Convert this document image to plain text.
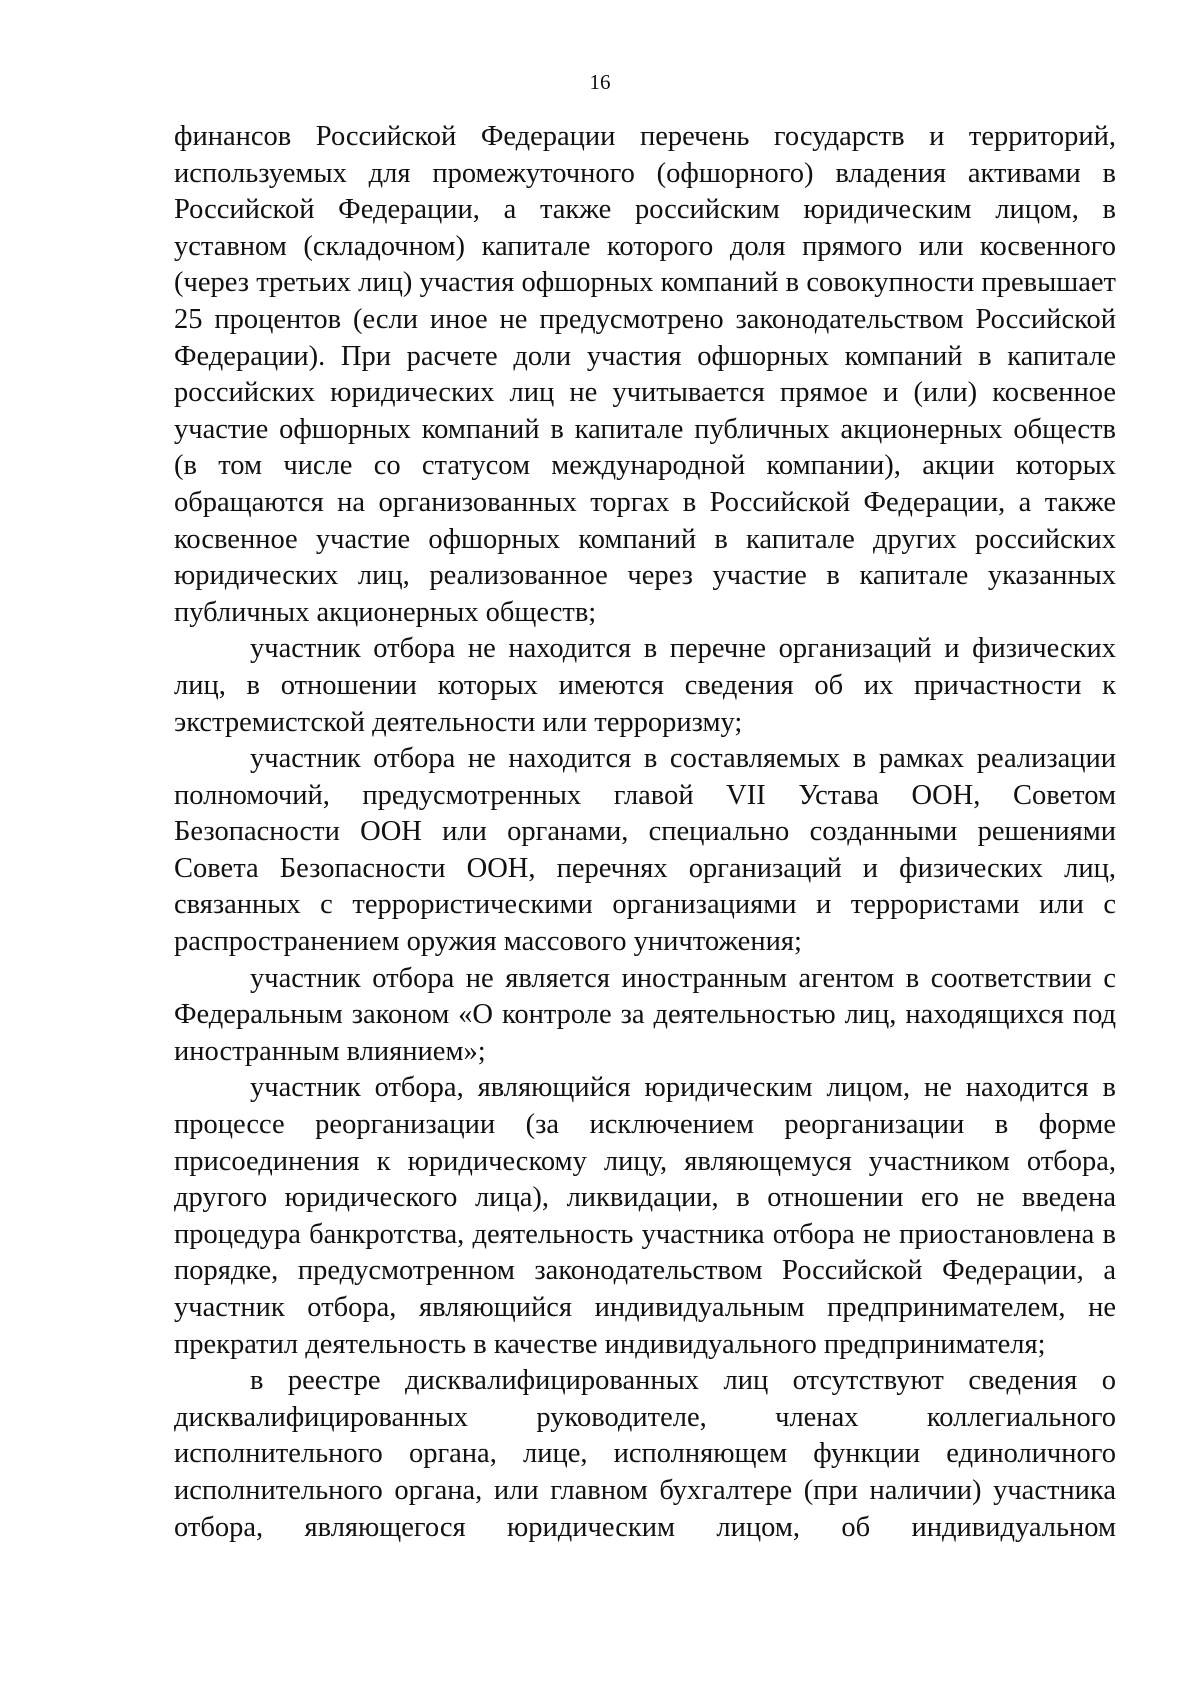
16

финансов Российской Федерации перечень государств и территорий, используемых для промежуточного (офшорного) владения активами в Российской Федерации, а также российским юридическим лицом, в уставном (складочном) капитале которого доля прямого или косвенного (через третьих лиц) участия офшорных компаний в совокупности превышает 25 процентов (если иное не предусмотрено законодательством Российской Федерации). При расчете доли участия офшорных компаний в капитале российских юридических лиц не учитывается прямое и (или) косвенное участие офшорных компаний в капитале публичных акционерных обществ (в том числе со статусом международной компании), акции которых обращаются на организованных торгах в Российской Федерации, а также косвенное участие офшорных компаний в капитале других российских юридических лиц, реализованное через участие в капитале указанных публичных акционерных обществ;

участник отбора не находится в перечне организаций и физических лиц, в отношении которых имеются сведения об их причастности к экстремистской деятельности или терроризму;

участник отбора не находится в составляемых в рамках реализации полномочий, предусмотренных главой VII Устава ООН, Советом Безопасности ООН или органами, специально созданными решениями Совета Безопасности ООН, перечнях организаций и физических лиц, связанных с террористическими организациями и террористами или с распространением оружия массового уничтожения;

участник отбора не является иностранным агентом в соответствии с Федеральным законом «О контроле за деятельностью лиц, находящихся под иностранным влиянием»;

участник отбора, являющийся юридическим лицом, не находится в процессе реорганизации (за исключением реорганизации в форме присоединения к юридическому лицу, являющемуся участником отбора, другого юридического лица), ликвидации, в отношении его не введена процедура банкротства, деятельность участника отбора не приостановлена в порядке, предусмотренном законодательством Российской Федерации, а участник отбора, являющийся индивидуальным предпринимателем, не прекратил деятельность в качестве индивидуального предпринимателя;

в реестре дисквалифицированных лиц отсутствуют сведения о дисквалифицированных руководителе, членах коллегиального исполнительного органа, лице, исполняющем функции единоличного исполнительного органа, или главном бухгалтере (при наличии) участника отбора, являющегося юридическим лицом, об индивидуальном
